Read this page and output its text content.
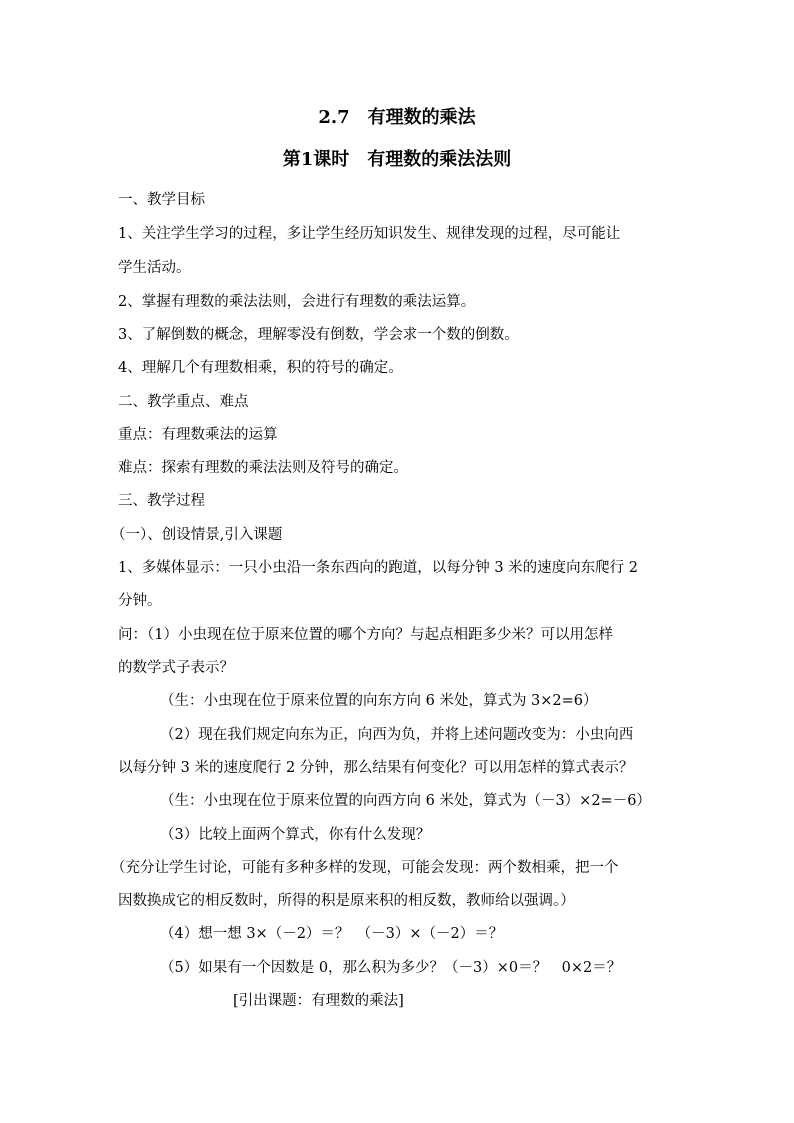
2.7　有理数的乘法
第1课时　有理数的乘法法则
一、教学目标
1、关注学生学习的过程，多让学生经历知识发生、规律发现的过程，尽可能让
学生活动。
2、掌握有理数的乘法法则，会进行有理数的乘法运算。
3、了解倒数的概念，理解零没有倒数，学会求一个数的倒数。
4、理解几个有理数相乘，积的符号的确定。
二、教学重点、难点
重点：有理数乘法的运算
难点：探索有理数的乘法法则及符号的确定。
三、教学过程
（一）、创设情景,引入课题
1、多媒体显示：一只小虫沿一条东西向的跑道，以每分钟 3 米的速度向东爬行 2
分钟。
问：（1）小虫现在位于原来位置的哪个方向？与起点相距多少米？可以用怎样
的数学式子表示？
（生：小虫现在位于原来位置的向东方向 6 米处，算式为 3×2=6）
（2）现在我们规定向东为正，向西为负，并将上述问题改变为：小虫向西
以每分钟 3 米的速度爬行 2 分钟，那么结果有何变化？可以用怎样的算式表示？
（生：小虫现在位于原来位置的向西方向 6 米处，算式为（－3）×2=－6）
（3）比较上面两个算式，你有什么发现？
（充分让学生讨论，可能有多种多样的发现，可能会发现：两个数相乘，把一个
因数换成它的相反数时，所得的积是原来积的相反数，教师给以强调。）
（4）想一想 3×（－2）＝？　（－3）×（－2）＝？
（5）如果有一个因数是 0，那么积为多少？（－3）×0＝？　0×2＝？
[引出课题：有理数的乘法]
